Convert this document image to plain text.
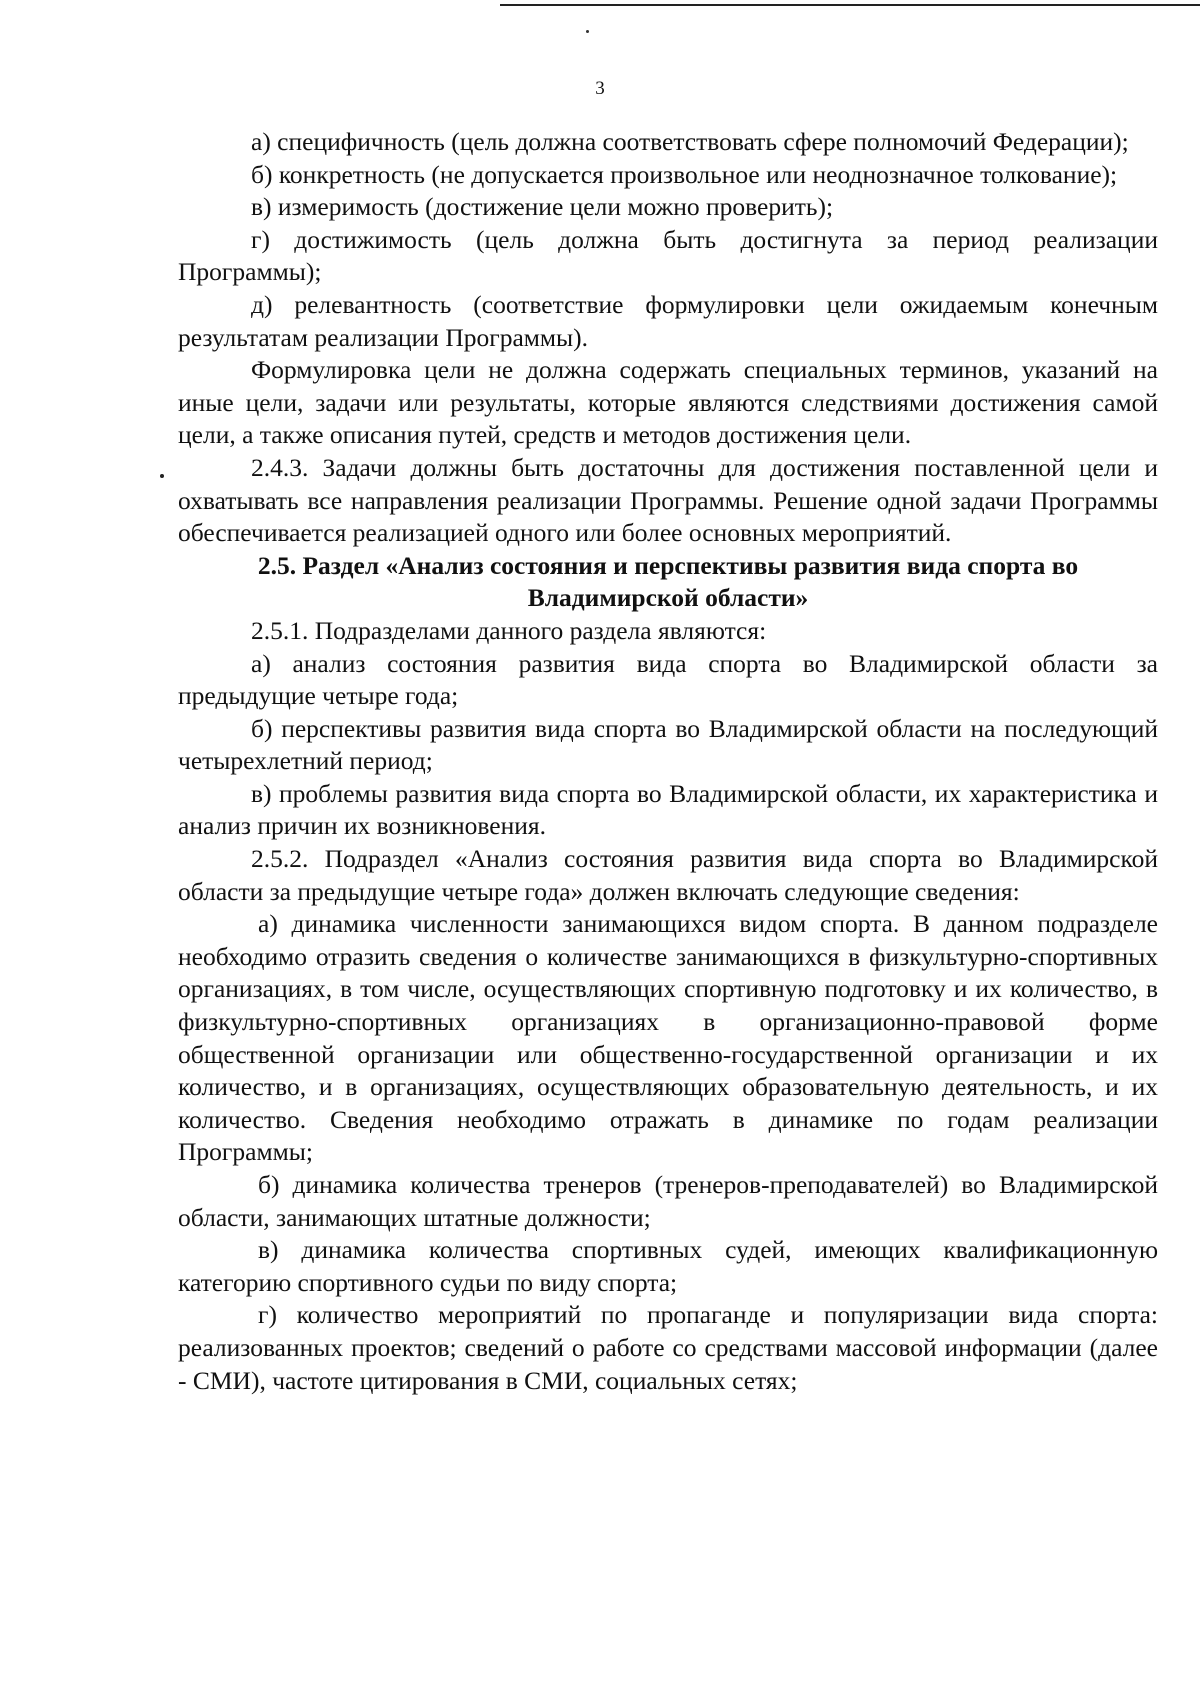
3

а) специфичность (цель должна соответствовать сфере полномочий Федерации);

б) конкретность (не допускается произвольное или неоднозначное толкование);

в) измеримость (достижение цели можно проверить);

г) достижимость (цель должна быть достигнута за период реализации Программы);

д) релевантность (соответствие формулировки цели ожидаемым конечным результатам реализации Программы).

Формулировка цели не должна содержать специальных терминов, указаний на иные цели, задачи или результаты, которые являются следствиями достижения самой цели, а также описания путей, средств и методов достижения цели.

2.4.3. Задачи должны быть достаточны для достижения поставленной цели и охватывать все направления реализации Программы. Решение одной задачи Программы обеспечивается реализацией одного или более основных мероприятий.

2.5. Раздел «Анализ состояния и перспективы развития вида спорта во Владимирской области»

2.5.1. Подразделами данного раздела являются:

а) анализ состояния развития вида спорта во Владимирской области за предыдущие четыре года;

б) перспективы развития вида спорта во Владимирской области на последующий четырехлетний период;

в) проблемы развития вида спорта во Владимирской области, их характеристика и анализ причин их возникновения.

2.5.2. Подраздел «Анализ состояния развития вида спорта во Владимирской области за предыдущие четыре года» должен включать следующие сведения:

а) динамика численности занимающихся видом спорта. В данном подразделе необходимо отразить сведения о количестве занимающихся в физкультурно-спортивных организациях, в том числе, осуществляющих спортивную подготовку и их количество, в физкультурно-спортивных организациях в организационно-правовой форме общественной организации или общественно-государственной организации и их количество, и в организациях, осуществляющих образовательную деятельность, и их количество. Сведения необходимо отражать в динамике по годам реализации Программы;

б) динамика количества тренеров (тренеров-преподавателей) во Владимирской области, занимающих штатные должности;

в) динамика количества спортивных судей, имеющих квалификационную категорию спортивного судьи по виду спорта;

г) количество мероприятий по пропаганде и популяризации вида спорта: реализованных проектов; сведений о работе со средствами массовой информации (далее - СМИ), частоте цитирования в СМИ, социальных сетях;
